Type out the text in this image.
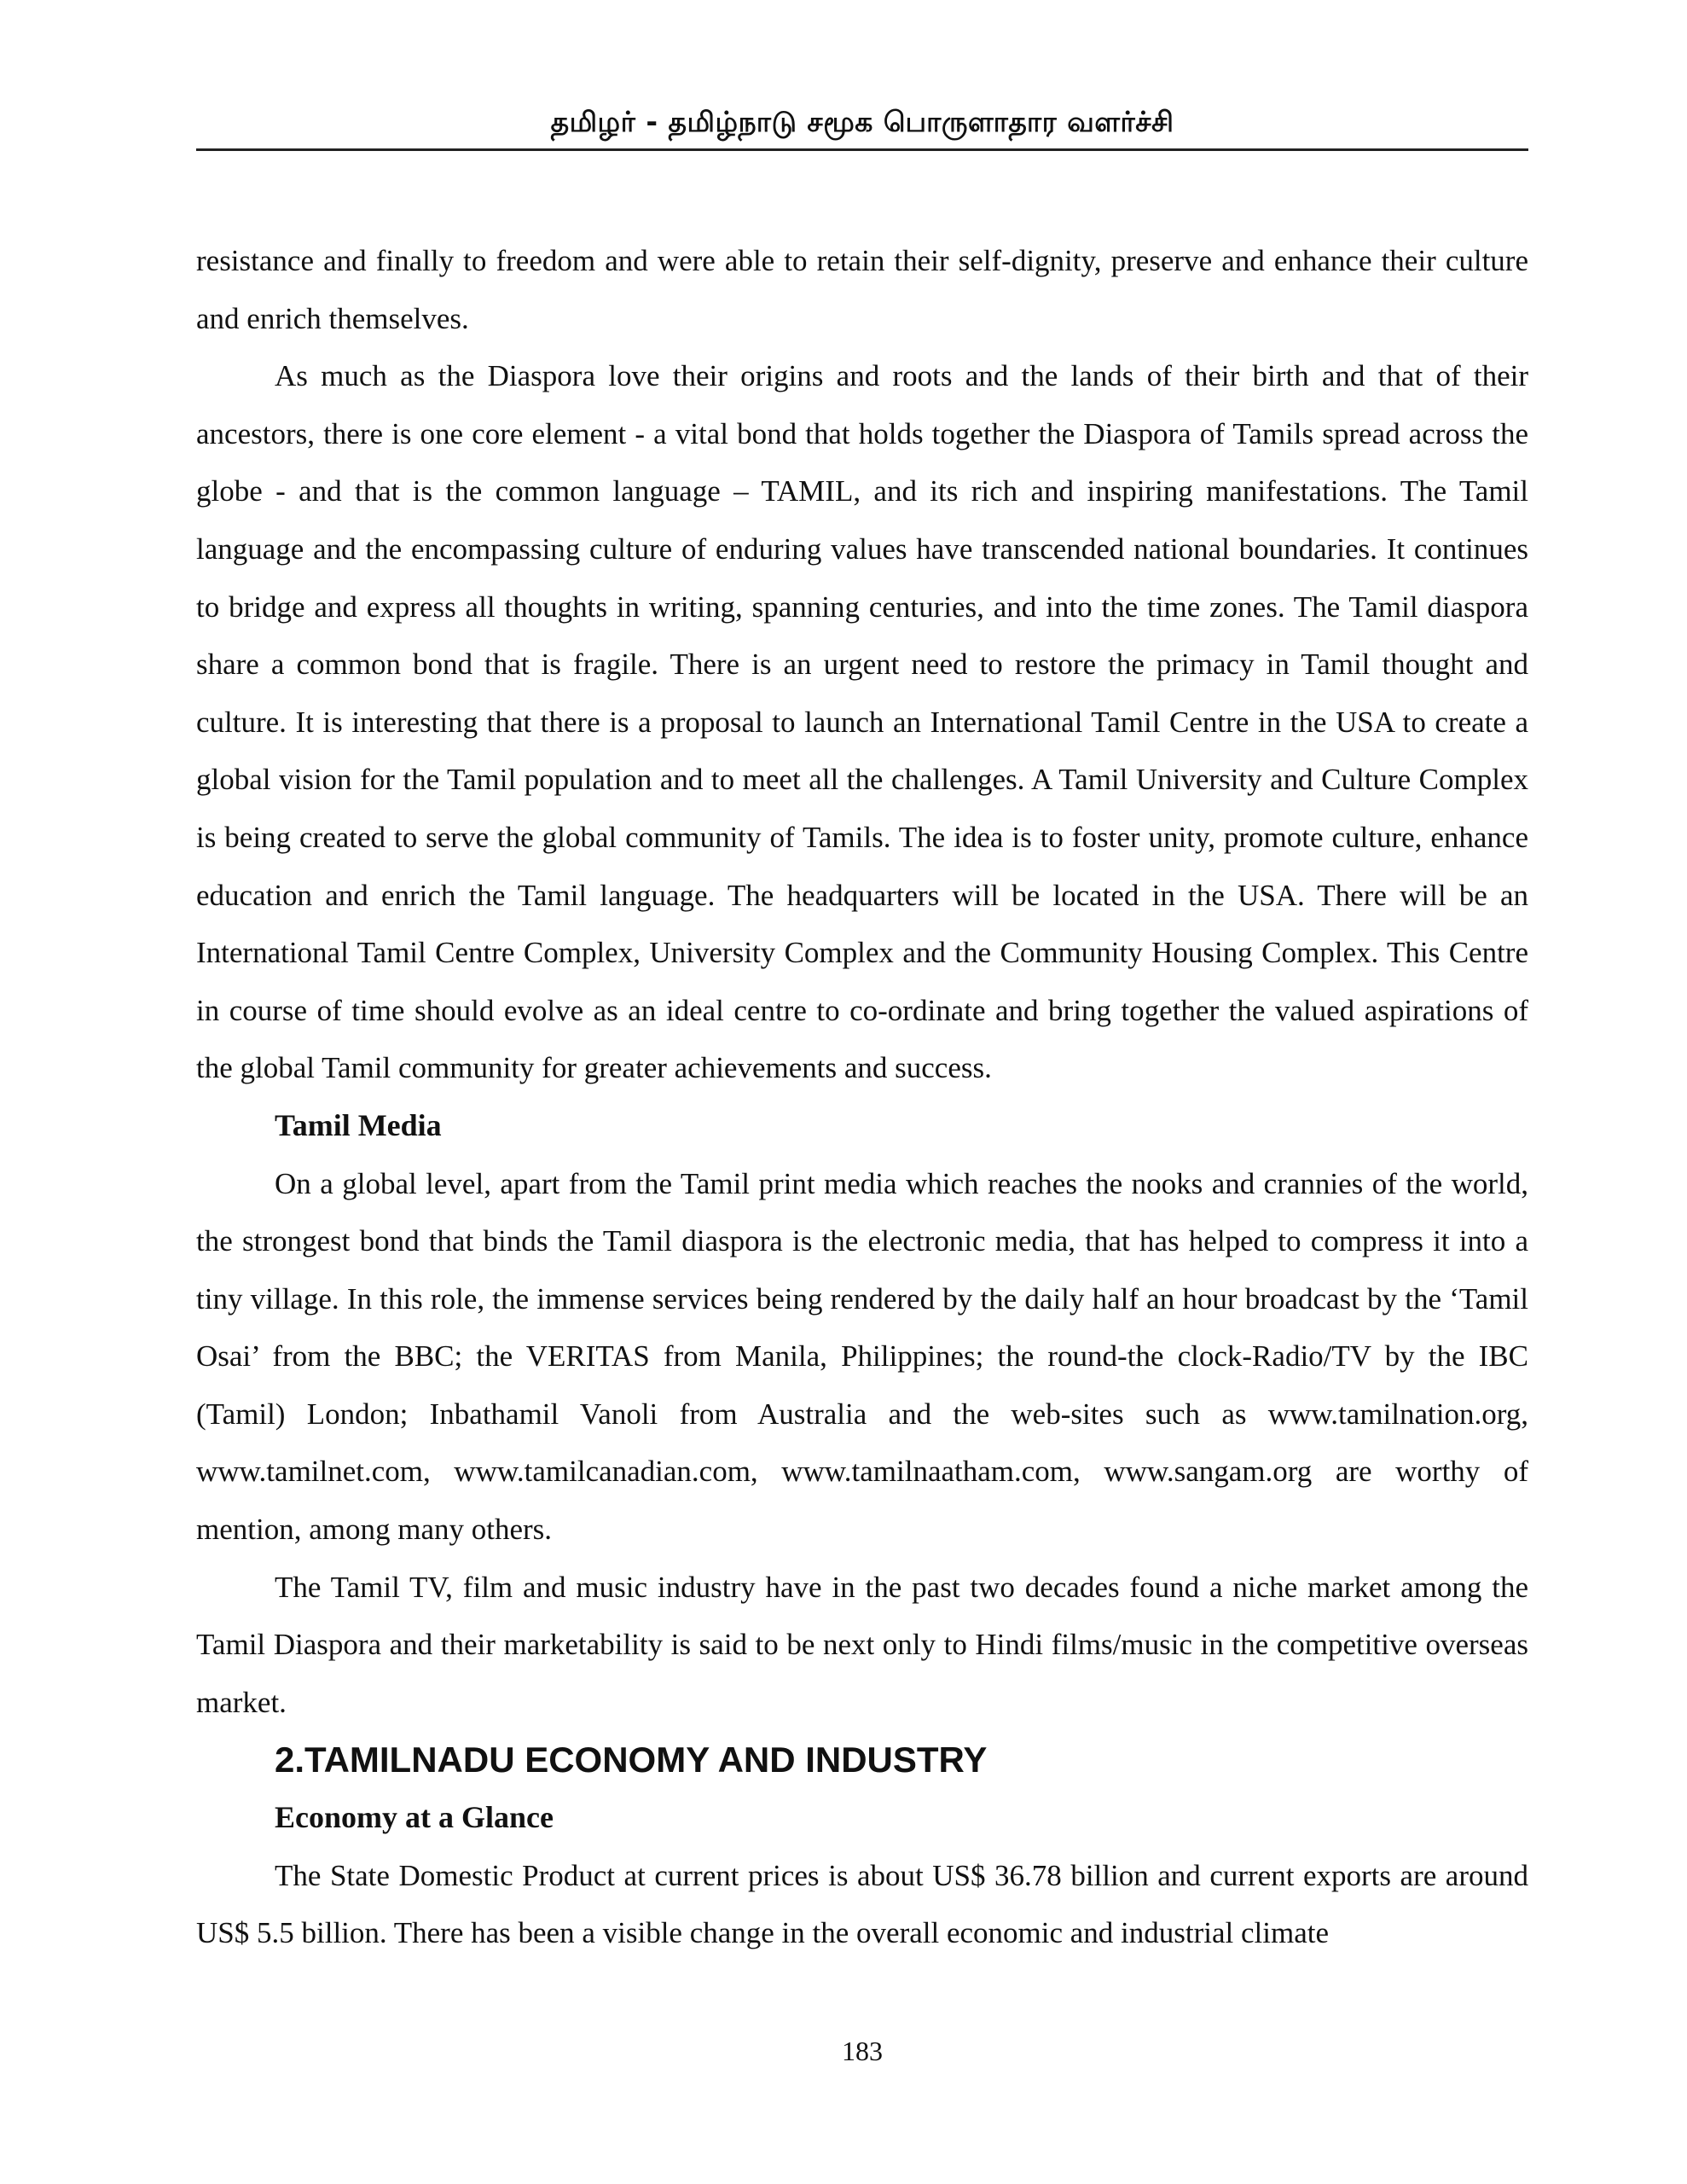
தமிழர் - தமிழ்நாடு சமூக பொருளாதார வளர்ச்சி

resistance and finally to freedom and were able to retain their self-dignity, preserve and enhance their culture and enrich themselves.

As much as the Diaspora love their origins and roots and the lands of their birth and that of their ancestors, there is one core element - a vital bond that holds together the Diaspora of Tamils spread across the globe - and that is the common language – TAMIL, and its rich and inspiring manifestations. The Tamil language and the encompassing culture of enduring values have transcended national boundaries. It continues to bridge and express all thoughts in writing, spanning centuries, and into the time zones. The Tamil diaspora share a common bond that is fragile. There is an urgent need to restore the primacy in Tamil thought and culture. It is interesting that there is a proposal to launch an International Tamil Centre in the USA to create a global vision for the Tamil population and to meet all the challenges. A Tamil University and Culture Complex is being created to serve the global community of Tamils. The idea is to foster unity, promote culture, enhance education and enrich the Tamil language. The headquarters will be located in the USA. There will be an International Tamil Centre Complex, University Complex and the Community Housing Complex. This Centre in course of time should evolve as an ideal centre to co-ordinate and bring together the valued aspirations of the global Tamil community for greater achievements and success.

Tamil Media

On a global level, apart from the Tamil print media which reaches the nooks and crannies of the world, the strongest bond that binds the Tamil diaspora is the electronic media, that has helped to compress it into a tiny village. In this role, the immense services being rendered by the daily half an hour broadcast by the ‘Tamil Osai’ from the BBC; the VERITAS from Manila, Philippines; the round-the clock-Radio/TV by the IBC (Tamil) London; Inbathamil Vanoli from Australia and the web-sites such as www.tamilnation.org, www.tamilnet.com, www.tamilcanadian.com, www.tamilnaatham.com, www.sangam.org are worthy of mention, among many others.

The Tamil TV, film and music industry have in the past two decades found a niche market among the Tamil Diaspora and their marketability is said to be next only to Hindi films/music in the competitive overseas market.

2.TAMILNADU ECONOMY AND INDUSTRY

Economy at a Glance

The State Domestic Product at current prices is about US$ 36.78 billion and current exports are around US$ 5.5 billion. There has been a visible change in the overall economic and industrial climate

183
